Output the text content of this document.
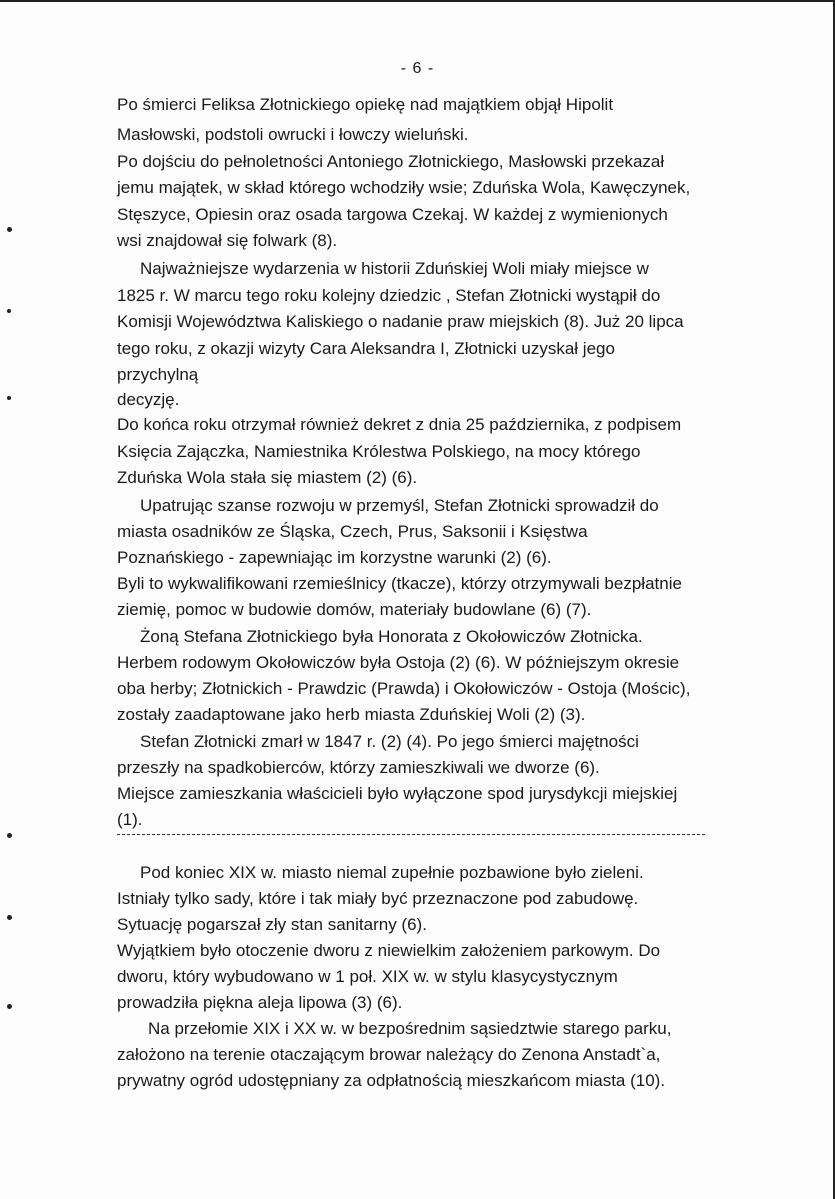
- 6 -
Po śmierci Feliksa Złotnickiego opiekę nad majątkiem objął Hipolit
Masłowski, podstoli owrucki i łowczy wieluński.
Po dojściu do pełnoletności Antoniego Złotnickiego, Masłowski przekazał
jemu majątek, w skład którego wchodziły wsie; Zduńska Wola, Kawęczynek,
Stęszyce, Opiesin oraz osada targowa Czekaj. W każdej z wymienionych
wsi znajdował się folwark (8).
Najważniejsze wydarzenia w historii Zduńskiej Woli miały miejsce w
1825 r. W marcu tego roku kolejny dziedzic , Stefan Złotnicki wystąpił do
Komisji Województwa Kaliskiego o nadanie praw miejskich (8). Już 20 lipca
tego roku, z okazji wizyty Cara Aleksandra I, Złotnicki uzyskał jego
przychylną
decyzję.
Do końca roku otrzymał również dekret z dnia 25 października, z podpisem
Księcia Zajączka, Namiestnika Królestwa Polskiego, na mocy którego
Zduńska Wola stała się miastem (2) (6).
Upatrując szanse rozwoju w przemyśl, Stefan Złotnicki sprowadził do
miasta osadników ze Śląska, Czech, Prus, Saksonii i Księstwa
Poznańskiego - zapewniając im korzystne warunki (2) (6).
Byli to wykwalifikowani rzemieślnicy (tkacze), którzy otrzymywali bezpłatnie
ziemię, pomoc w budowie domów, materiały budowlane (6) (7).
Żoną Stefana Złotnickiego była Honorata z Okołowiczów Złotnicka.
Herbem rodowym Okołowiczów była Ostoja (2) (6). W późniejszym okresie
oba herby; Złotnickich - Prawdzic (Prawda) i Okołowiczów - Ostoja (Mościc),
zostały zaadaptowane jako herb miasta Zduńskiej Woli (2) (3).
Stefan Złotnicki zmarł w 1847 r. (2) (4). Po jego śmierci majętności
przeszły na spadkobierców, którzy zamieszkiwali we dworze (6).
Miejsce zamieszkania właścicieli było wyłączone spod jurysdykcji miejskiej
(1).
Pod koniec XIX w. miasto niemal zupełnie pozbawione było zieleni.
Istniały tylko sady, które i tak miały być przeznaczone pod zabudowę.
Sytuację pogarszał zły stan sanitarny (6).
Wyjątkiem było otoczenie dworu z niewielkim założeniem parkowym. Do
dworu, który wybudowano w 1 poł. XIX w. w stylu klasycystycznym
prowadziła piękna aleja lipowa (3) (6).
Na przełomie XIX i XX w. w bezpośrednim sąsiedztwie starego parku,
założono na terenie otaczającym browar należący do Zenona Anstadt`a,
prywatny ogród udostępniany za odpłatnością mieszkańcom miasta (10).
